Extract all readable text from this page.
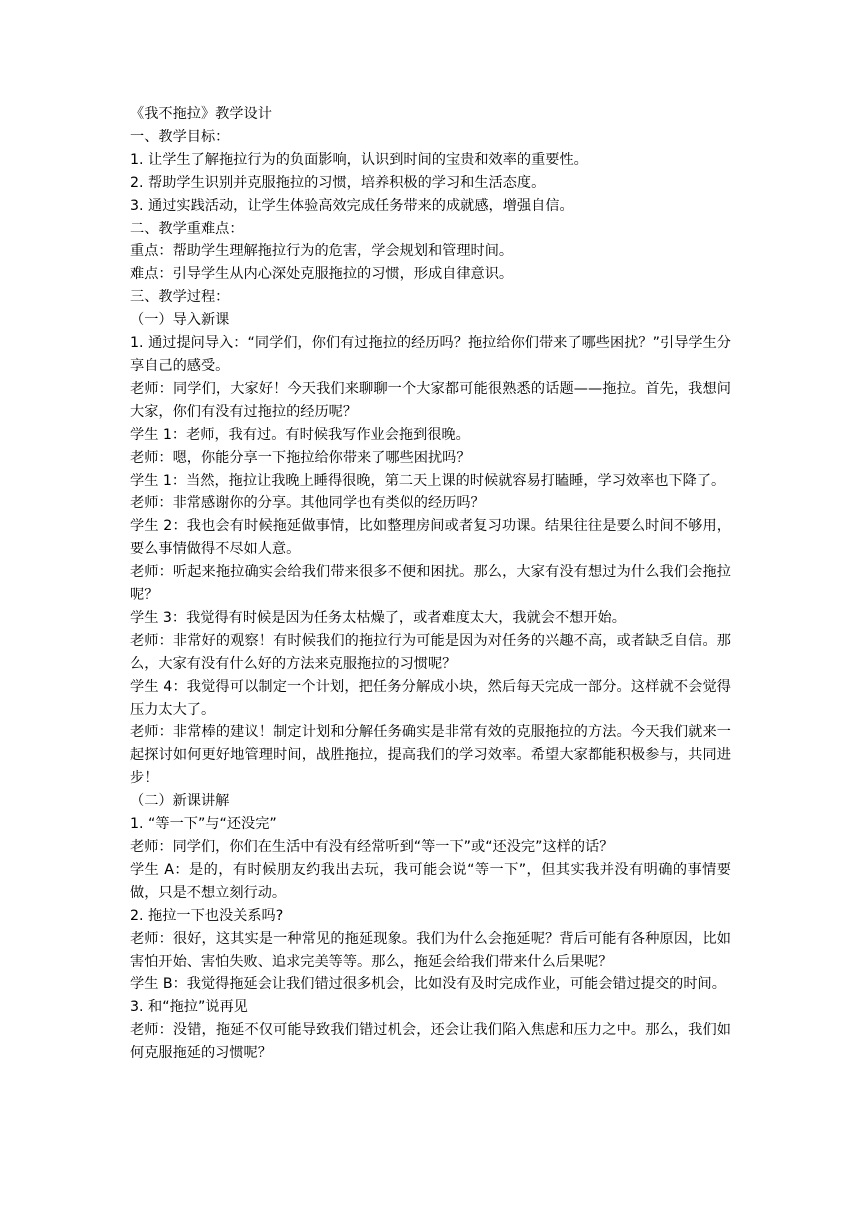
《我不拖拉》教学设计

一、教学目标：

1. 让学生了解拖拉行为的负面影响，认识到时间的宝贵和效率的重要性。

2. 帮助学生识别并克服拖拉的习惯，培养积极的学习和生活态度。

3. 通过实践活动，让学生体验高效完成任务带来的成就感，增强自信。

二、教学重难点：

重点：帮助学生理解拖拉行为的危害，学会规划和管理时间。

难点：引导学生从内心深处克服拖拉的习惯，形成自律意识。

三、教学过程：

（一）导入新课

1. 通过提问导入：“同学们，你们有过拖拉的经历吗？拖拉给你们带来了哪些困扰？”引导学生分享自己的感受。

老师：同学们，大家好！今天我们来聊聊一个大家都可能很熟悉的话题——拖拉。首先，我想问大家，你们有没有过拖拉的经历呢？

学生 1：老师，我有过。有时候我写作业会拖到很晚。

老师：嗯，你能分享一下拖拉给你带来了哪些困扰吗？

学生 1：当然，拖拉让我晚上睡得很晚，第二天上课的时候就容易打瞌睡，学习效率也下降了。

老师：非常感谢你的分享。其他同学也有类似的经历吗？

学生 2：我也会有时候拖延做事情，比如整理房间或者复习功课。结果往往是要么时间不够用，要么事情做得不尽如人意。

老师：听起来拖拉确实会给我们带来很多不便和困扰。那么，大家有没有想过为什么我们会拖拉呢？

学生 3：我觉得有时候是因为任务太枯燥了，或者难度太大，我就会不想开始。

老师：非常好的观察！有时候我们的拖拉行为可能是因为对任务的兴趣不高，或者缺乏自信。那么，大家有没有什么好的方法来克服拖拉的习惯呢？

学生 4：我觉得可以制定一个计划，把任务分解成小块，然后每天完成一部分。这样就不会觉得压力太大了。

老师：非常棒的建议！制定计划和分解任务确实是非常有效的克服拖拉的方法。今天我们就来一起探讨如何更好地管理时间，战胜拖拉，提高我们的学习效率。希望大家都能积极参与，共同进步！

（二）新课讲解

1. “等一下”与“还没完”

老师：同学们，你们在生活中有没有经常听到“等一下”或“还没完”这样的话？

学生 A：是的，有时候朋友约我出去玩，我可能会说“等一下”，但其实我并没有明确的事情要做，只是不想立刻行动。

2. 拖拉一下也没关系吗?

老师：很好，这其实是一种常见的拖延现象。我们为什么会拖延呢？背后可能有各种原因，比如害怕开始、害怕失败、追求完美等等。那么，拖延会给我们带来什么后果呢？

学生 B：我觉得拖延会让我们错过很多机会，比如没有及时完成作业，可能会错过提交的时间。

3. 和“拖拉”说再见

老师：没错，拖延不仅可能导致我们错过机会，还会让我们陷入焦虑和压力之中。那么，我们如何克服拖延的习惯呢？
